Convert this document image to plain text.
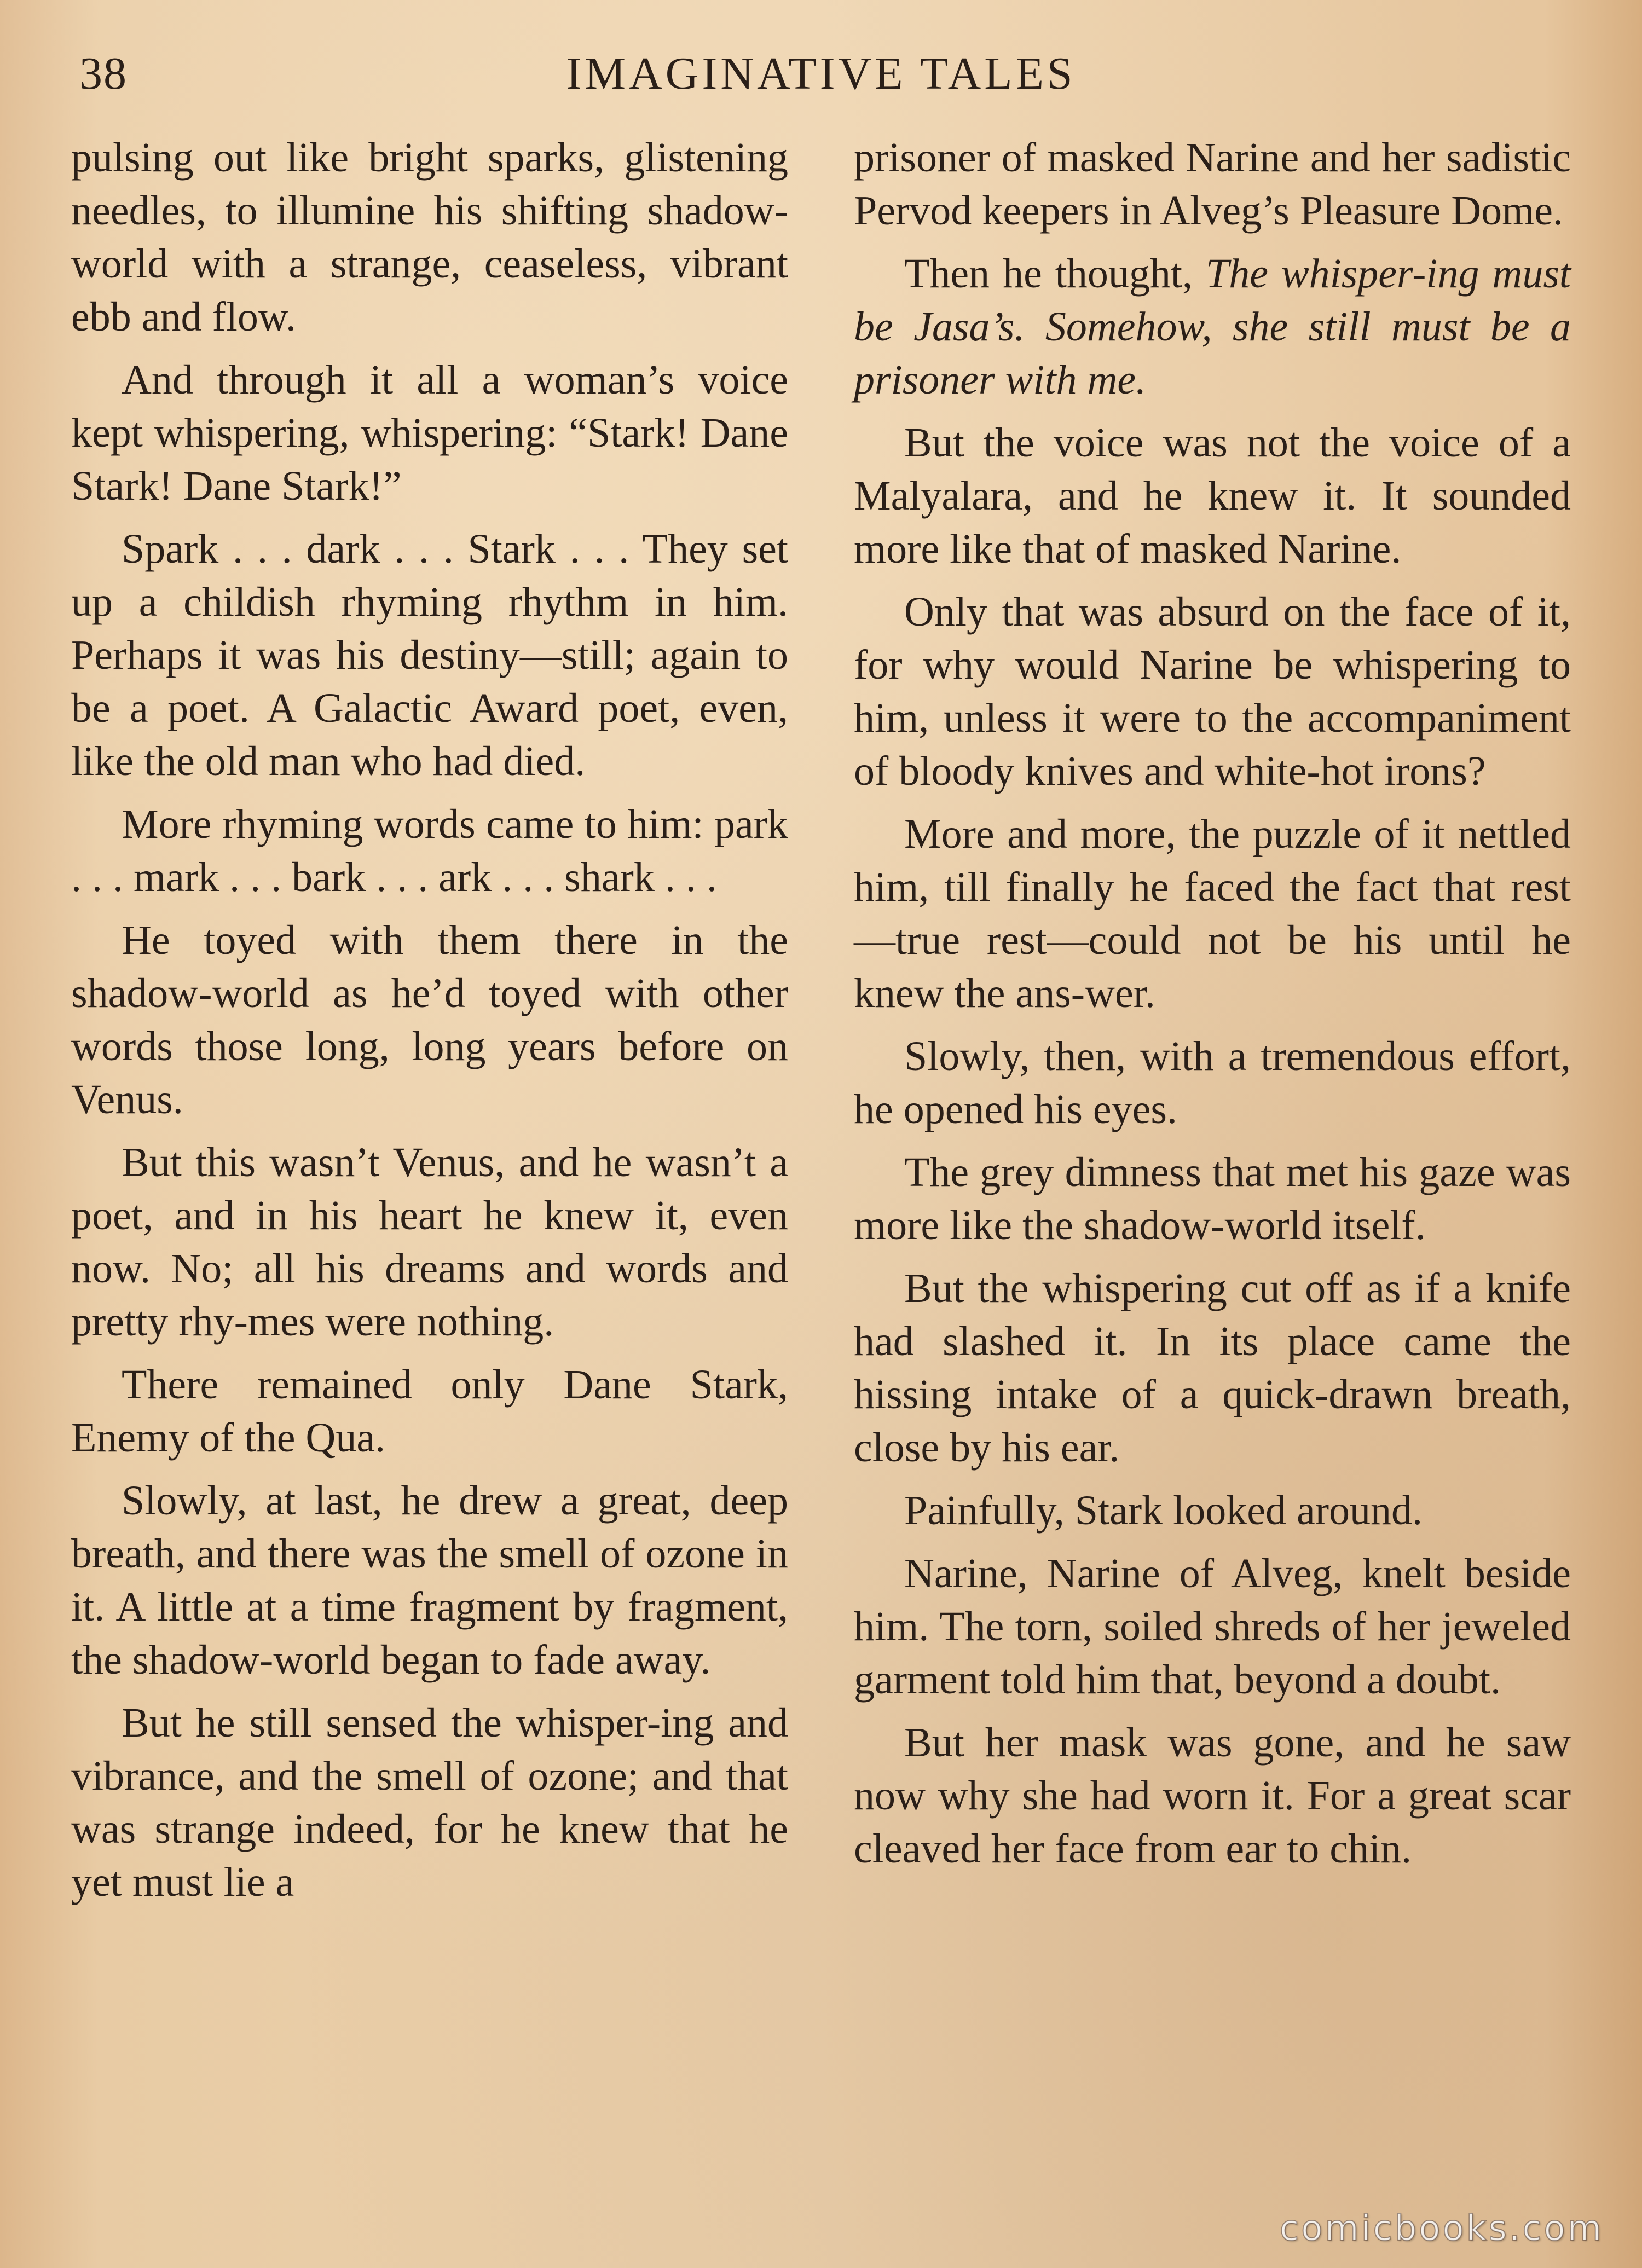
38	IMAGINATIVE TALES

pulsing out like bright sparks, glistening needles, to illumine his shifting shadow-world with a strange, ceaseless, vibrant ebb and flow.

And through it all a woman’s voice kept whispering, whispering: “Stark! Dane Stark! Dane Stark!”

Spark . . . dark . . . Stark . . . They set up a childish rhyming rhythm in him. Perhaps it was his destiny—still; again to be a poet. A Galactic Award poet, even, like the old man who had died.

More rhyming words came to him: park . . . mark . . . bark . . . ark . . . shark . . .

He toyed with them there in the shadow-world as he’d toyed with other words those long, long years before on Venus.

But this wasn’t Venus, and he wasn’t a poet, and in his heart he knew it, even now. No; all his dreams and words and pretty rhy-mes were nothing.

There remained only Dane Stark, Enemy of the Qua.

Slowly, at last, he drew a great, deep breath, and there was the smell of ozone in it. A little at a time fragment by fragment, the shadow-world began to fade away.

But he still sensed the whisper-ing and vibrance, and the smell of ozone; and that was strange indeed, for he knew that he yet must lie a

prisoner of masked Narine and her sadistic Pervod keepers in Alveg’s Pleasure Dome.

Then he thought, The whisper-ing must be Jasa’s. Somehow, she still must be a prisoner with me.

But the voice was not the voice of a Malyalara, and he knew it. It sounded more like that of masked Narine.

Only that was absurd on the face of it, for why would Narine be whispering to him, unless it were to the accompaniment of bloody knives and white-hot irons?

More and more, the puzzle of it nettled him, till finally he faced the fact that rest—true rest—could not be his until he knew the ans-wer.

Slowly, then, with a tremendous effort, he opened his eyes.

The grey dimness that met his gaze was more like the shadow-world itself.

But the whispering cut off as if a knife had slashed it. In its place came the hissing intake of a quick-drawn breath, close by his ear.

Painfully, Stark looked around.

Narine, Narine of Alveg, knelt beside him. The torn, soiled shreds of her jeweled garment told him that, beyond a doubt.

But her mask was gone, and he saw now why she had worn it. For a great scar cleaved her face from ear to chin.

comicbooks.com
